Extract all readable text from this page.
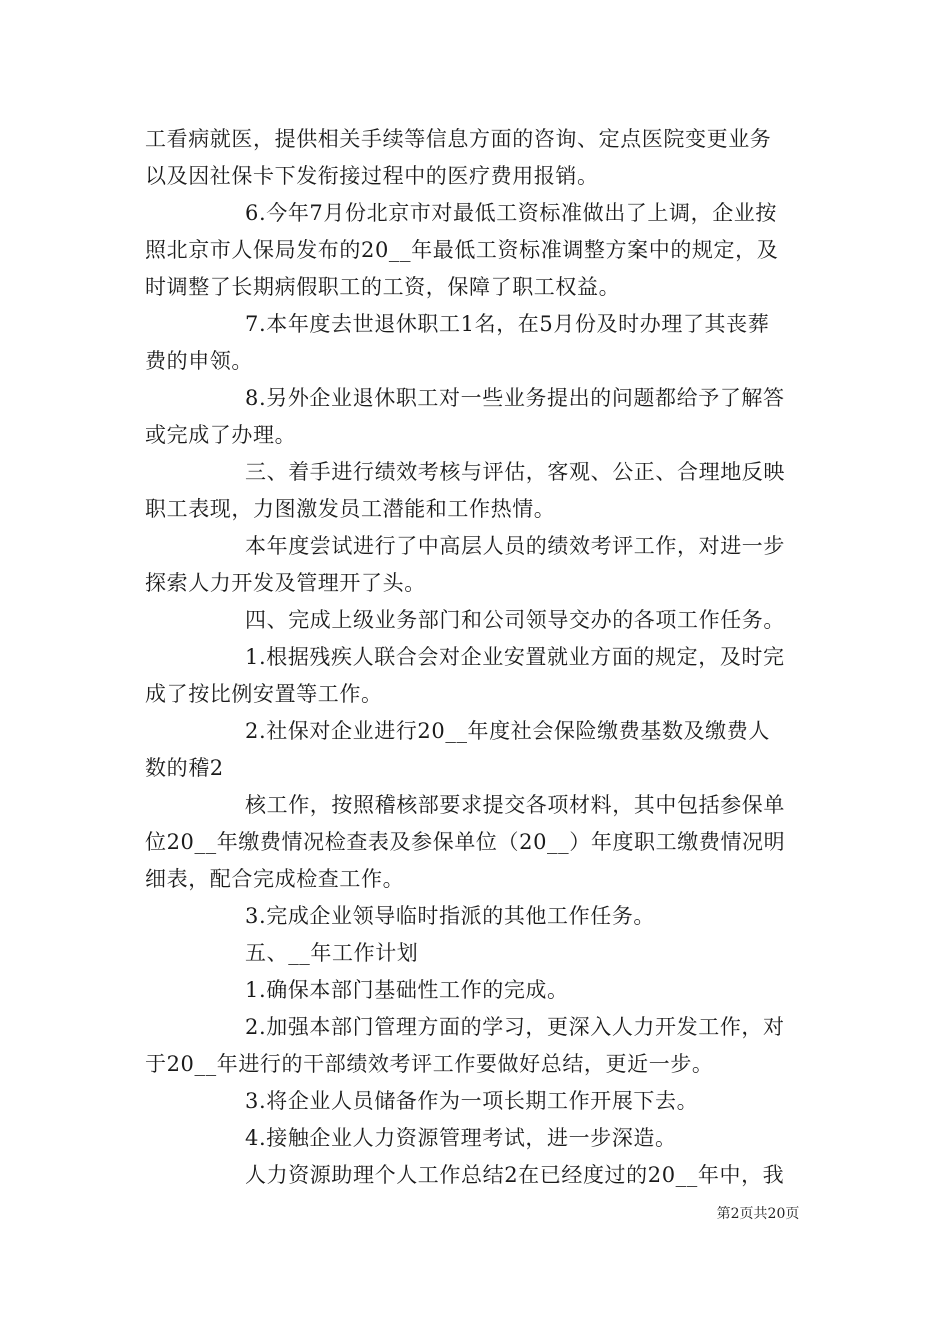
工看病就医，提供相关手续等信息方面的咨询、定点医院变更业务
以及因社保卡下发衔接过程中的医疗费用报销。
6.今年7月份北京市对最低工资标准做出了上调，企业按
照北京市人保局发布的20__年最低工资标准调整方案中的规定，及
时调整了长期病假职工的工资，保障了职工权益。
7.本年度去世退休职工1名，在5月份及时办理了其丧葬
费的申领。
8.另外企业退休职工对一些业务提出的问题都给予了解答
或完成了办理。
三、着手进行绩效考核与评估，客观、公正、合理地反映
职工表现，力图激发员工潜能和工作热情。
本年度尝试进行了中高层人员的绩效考评工作，对进一步
探索人力开发及管理开了头。
四、完成上级业务部门和公司领导交办的各项工作任务。
1.根据残疾人联合会对企业安置就业方面的规定，及时完
成了按比例安置等工作。
2.社保对企业进行20__年度社会保险缴费基数及缴费人
数的稽2
核工作，按照稽核部要求提交各项材料，其中包括参保单
位20__年缴费情况检查表及参保单位（20__）年度职工缴费情况明
细表，配合完成检查工作。
3.完成企业领导临时指派的其他工作任务。
五、__年工作计划
1.确保本部门基础性工作的完成。
2.加强本部门管理方面的学习，更深入人力开发工作，对
于20__年进行的干部绩效考评工作要做好总结，更近一步。
3.将企业人员储备作为一项长期工作开展下去。
4.接触企业人力资源管理考试，进一步深造。
人力资源助理个人工作总结2在已经度过的20__年中，我
第2页共20页
